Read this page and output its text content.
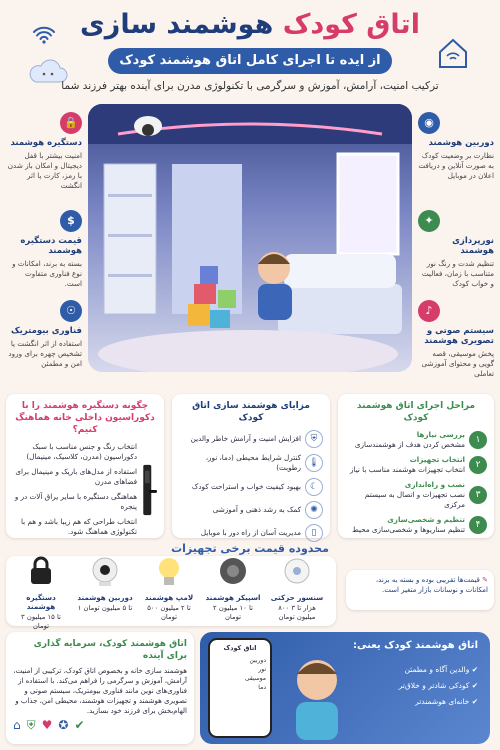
اتاق کودک هوشمند سازی
از ایده تا اجرای کامل اتاق هوشمند کودک
ترکیب امنیت، آرامش، آموزش و سرگرمی با تکنولوژی مدرن برای آینده بهتر فرزند شما
🔒
دستگیره هوشمند

امنیت بیشتر با قفل دیجیتال و امکان باز شدن با رمز، کارت یا اثر انگشت

$
قیمت دستگیره هوشمند

بسته به برند، امکانات و نوع فناوری متفاوت است.

☉
فناوری بیومتریک

استفاده از اثر انگشت یا تشخیص چهره برای ورود امن و مطمئن

◉
دوربین هوشمند

نظارت بر وضعیت کودک به صورت آنلاین و دریافت اعلان در موبایل

✦
نورپردازی هوشمند

تنظیم شدت و رنگ نور متناسب با زمان، فعالیت و خواب کودک

♪
سیستم صوتی و تصویری هوشمند

پخش موسیقی، قصه گویی و محتوای آموزشی تعاملی

چگونه دستگیره هوشمند را با دکوراسیون داخلی خانه هماهنگ کنیم؟
انتخاب رنگ و جنس مناسب با سبک دکوراسیون (مدرن، کلاسیک، مینیمال)
استفاده از مدل‌های باریک و مینیمال برای فضاهای مدرن
هماهنگی دستگیره با سایر یراق آلات در و پنجره
انتخاب طراحی که هم زیبا باشد و هم با تکنولوژی هماهنگ شود.
مزایای هوشمند سازی اتاق کودک
⛨
افزایش امنیت و آرامش خاطر والدین
🌡
کنترل شرایط محیطی (دما، نور، رطوبت)
☾
بهبود کیفیت خواب و استراحت کودک
✺
کمک به رشد ذهنی و آموزشی
▯
مدیریت آسان از راه دور با موبایل
مراحل اجرای اتاق هوشمند کودک
۱
بررسی نیازها
مشخص کردن هدف از هوشمندسازی
۲
انتخاب تجهیزات
انتخاب تجهیزات هوشمند مناسب با نیاز
۳
نصب و راه‌اندازی
نصب تجهیزات و اتصال به سیستم مرکزی
۴
تنظیم و شخصی‌سازی
تنظیم سناریوها و شخصی‌سازی محیط
محدوده قیمت برخی تجهیزات
دستگیره هوشمند
۳ تا ۱۵ میلیون تومان
دوربین هوشمند
۱ تا ۵ میلیون تومان
لامپ هوشمند
۵۰۰ تا ۲ میلیون تومان
اسپیکر هوشمند
۲ تا ۱۰ میلیون تومان
سنسور حرکتی
۸۰۰ هزار تا ۳ میلیون تومان
✎ قیمت‌ها تقریبی بوده و بسته به برند، امکانات و نوسانات بازار متغیر است.
اتاق هوشمند کودک، سرمایه گذاری برای آینده

هوشمند سازی خانه و بخصوص اتاق کودک، ترکیبی از امنیت، آرامش، آموزش و سرگرمی را فراهم می‌کند. با استفاده از فناوری‌های نوین مانند فناوری بیومتریک، سیستم صوتی و تصویری هوشمند و تجهیزات هوشمند، محیطی امن، جذاب و الهام‌بخش برای فرزند خود بسازید.

⌂ ⛨ ♥ ✪ ✔
اتاق هوشمند کودک یعنی:
✔ والدین آگاه و مطمئن
✔ کودکی شادتر و خلاق‌تر
✔ خانه‌ای هوشمندتر
اتاق کودک
دوربین
نور
موسیقی
دما
